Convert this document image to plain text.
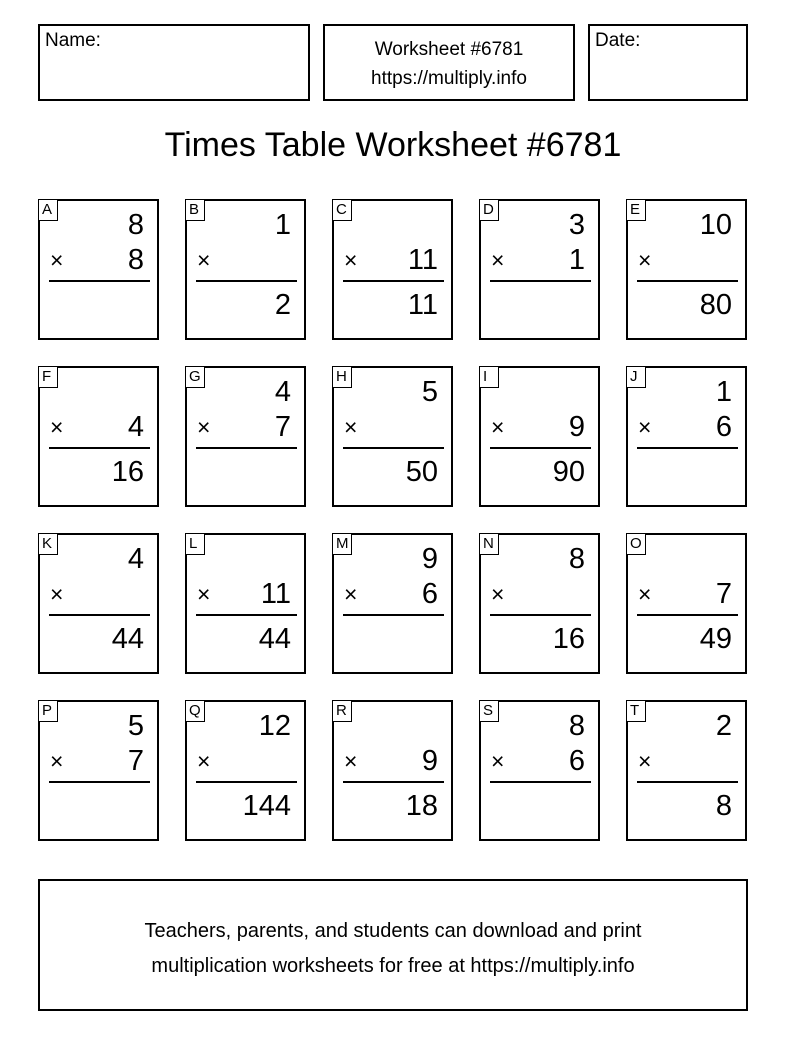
Name:	Worksheet #6781
https://multiply.info
Date:
Times Table Worksheet #6781
A	8
× 8
B	1
×
2
C
× 11
11
D	3
× 1
E 10
×
80
F
× 4
16
G	4
× 7
H	5
×
50
I
× 9
90
J	1
× 6
K	4
×
44
L
× 11
44
M	9
× 6
N	8
×
16
O
× 7
49
P	5
× 7
Q 12
×
144
R
× 9
18
S	8
× 6
T	2
×
8
Teachers, parents, and students can download and print
multiplication worksheets for free at https://multiply.info
